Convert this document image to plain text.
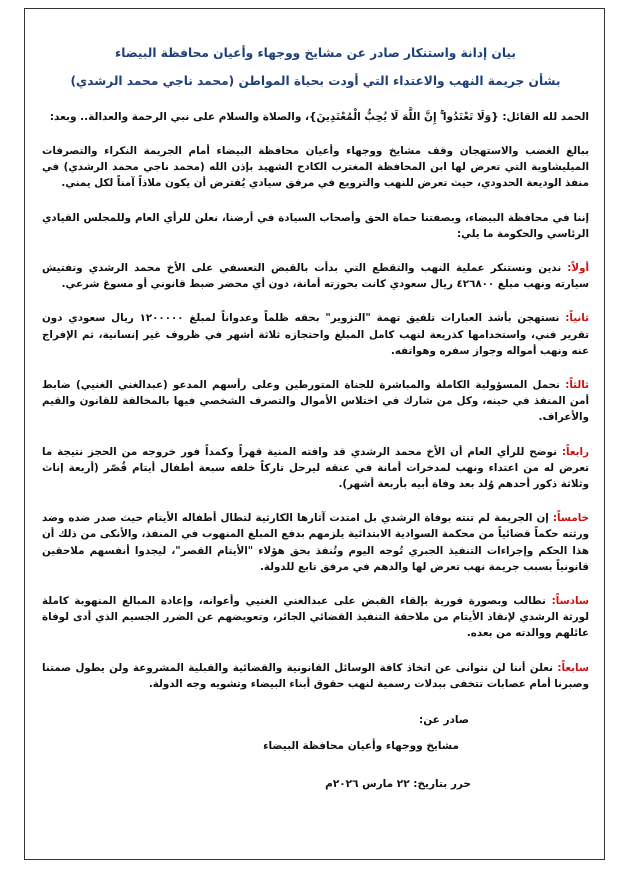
بيان إدانة واستنكار صادر عن مشايخ ووجهاء وأعيان محافظة البيضاء

بشأن جريمة النهب والاعتداء التي أودت بحياة المواطن (محمد ناجي محمد الرشدي)

الحمد لله القائل: {وَلَا تَعْتَدُوا ۚ إِنَّ اللَّهَ لَا يُحِبُّ الْمُعْتَدِينَ}، والصلاة والسلام على نبي الرحمة والعدالة.. وبعد:
ببالغ الغضب والاستهجان وقف مشايخ ووجهاء وأعيان محافظة البيضاء أمام الجريمة النكراء والتصرفات الميليشاوية التي تعرض لها ابن المحافظة المغترب الكادح الشهيد بإذن الله (محمد ناجي محمد الرشدي) في منفذ الوديعة الحدودي، حيث تعرض للنهب والترويع في مرفق سيادي يُفترض أن يكون ملاذاً آمناً لكل يمني.
إننا في محافظة البيضاء، وبصفتنا حماة الحق وأصحاب السيادة في أرضنا، نعلن للرأي العام وللمجلس القيادي الرئاسي والحكومة ما يلي:
أولاً: ندين ونستنكر عملية النهب والتقطع التي بدأت بالقبض التعسفي على الأخ محمد الرشدي وتفتيش سيارته ونهب مبلغ ٤٢٦٨٠٠ ريال سعودي كانت بحوزته أمانة، دون أي محضر ضبط قانوني أو مسوغ شرعي.
ثانياً: نستهجن بأشد العبارات تلفيق تهمة "التزوير" بحقه ظلماً وعدواناً لمبلغ ١٢٠٠٠٠٠ ريال سعودي دون تقرير فني، واستخدامها كذريعة لنهب كامل المبلغ واحتجازه ثلاثة أشهر في ظروف غير إنسانية، ثم الإفراج عنه ونهب أمواله وجواز سفره وهواتفه.
ثالثاً: نحمل المسؤولية الكاملة والمباشرة للجناة المتورطين وعلى رأسهم المدعو (عبدالغني الغنيي) ضابط أمن المنفذ في حينه، وكل من شارك في اختلاس الأموال والتصرف الشخصي فيها بالمخالفة للقانون والقيم والأعراف.
رابعاً: نوضح للرأي العام أن الأخ محمد الرشدي قد وافته المنية قهراً وكمداً فور خروجه من الحجز نتيجة ما تعرض له من اعتداء ونهب لمدخرات أمانة في عنقه ليرحل تاركاً خلفه سبعة أطفال أيتام قُصّر (أربعة إناث وثلاثة ذكور أحدهم وُلد بعد وفاة أبيه بأربعة أشهر).
خامساً: إن الجريمة لم تنته بوفاة الرشدي بل امتدت آثارها الكارثية لتطال أطفاله الأيتام حيث صدر ضده وضد ورثته حكماً قضائياً من محكمة السوادية الابتدائية يلزمهم بدفع المبلغ المنهوب في المنفذ، والأنكى من ذلك أن هذا الحكم وإجراءات التنفيذ الجبري تُوجه اليوم وتُنفذ بحق هؤلاء "الأيتام القصر"، ليجدوا أنفسهم ملاحقين قانونياً بسبب جريمة نهب تعرض لها والدهم في مرفق تابع للدولة.
سادساً: نطالب وبصورة فورية بإلقاء القبض على عبدالغني الغنيي وأعوانه، وإعادة المبالغ المنهوبة كاملة لورثة الرشدي لإنقاذ الأيتام من ملاحقة التنفيذ القضائي الجائر، وتعويضهم عن الضرر الجسيم الذي أدى لوفاة عائلهم ووالدته من بعده.
سابعاً: نعلن أننا لن نتوانى عن اتخاذ كافة الوسائل القانونية والقضائية والقبلية المشروعة ولن يطول صمتنا وصبرنا أمام عصابات تتخفى ببدلات رسمية لنهب حقوق أبناء البيضاء وتشويه وجه الدولة.
صادر عن:
مشايخ ووجهاء وأعيان محافظة البيضاء
حرر بتاريخ: ٢٢ مارس ٢٠٢٦م
